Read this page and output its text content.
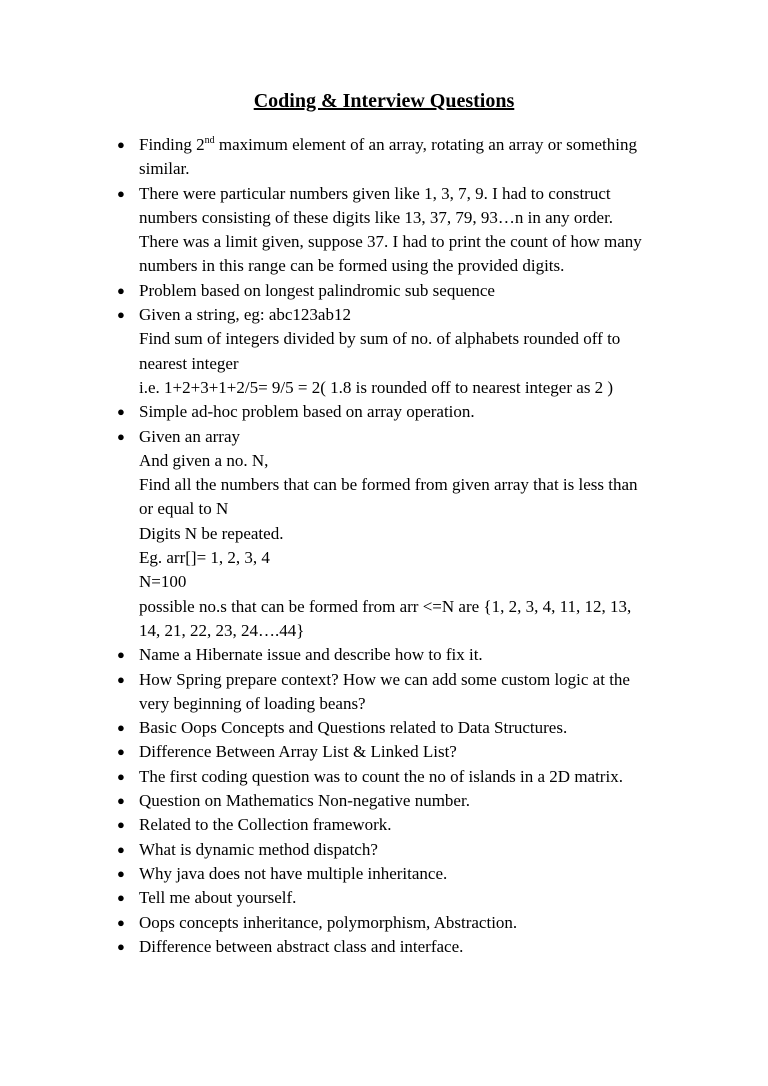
Coding & Interview Questions
● Finding 2nd maximum element of an array, rotating an array or something
similar.
● There were particular numbers given like 1, 3, 7, 9. I had to construct
numbers consisting of these digits like 13, 37, 79, 93…n in any order.
There was a limit given, suppose 37. I had to print the count of how many
numbers in this range can be formed using the provided digits.
● Problem based on longest palindromic sub sequence
● Given a string, eg: abc123ab12
Find sum of integers divided by sum of no. of alphabets rounded off to
nearest integer
i.e. 1+2+3+1+2/5= 9/5 = 2( 1.8 is rounded off to nearest integer as 2 )
● Simple ad-hoc problem based on array operation.
● Given an array
And given a no. N,
Find all the numbers that can be formed from given array that is less than
or equal to N
Digits N be repeated.
Eg. arr[]= 1, 2, 3, 4
N=100
possible no.s that can be formed from arr <=N are {1, 2, 3, 4, 11, 12, 13,
14, 21, 22, 23, 24….44}
● Name a Hibernate issue and describe how to fix it.
● How Spring prepare context? How we can add some custom logic at the
very beginning of loading beans?
● Basic Oops Concepts and Questions related to Data Structures.
● Difference Between Array List & Linked List?
● The first coding question was to count the no of islands in a 2D matrix.
● Question on Mathematics Non-negative number.
● Related to the Collection framework.
● What is dynamic method dispatch?
● Why java does not have multiple inheritance.
● Tell me about yourself.
● Oops concepts inheritance, polymorphism, Abstraction.
● Difference between abstract class and interface.
